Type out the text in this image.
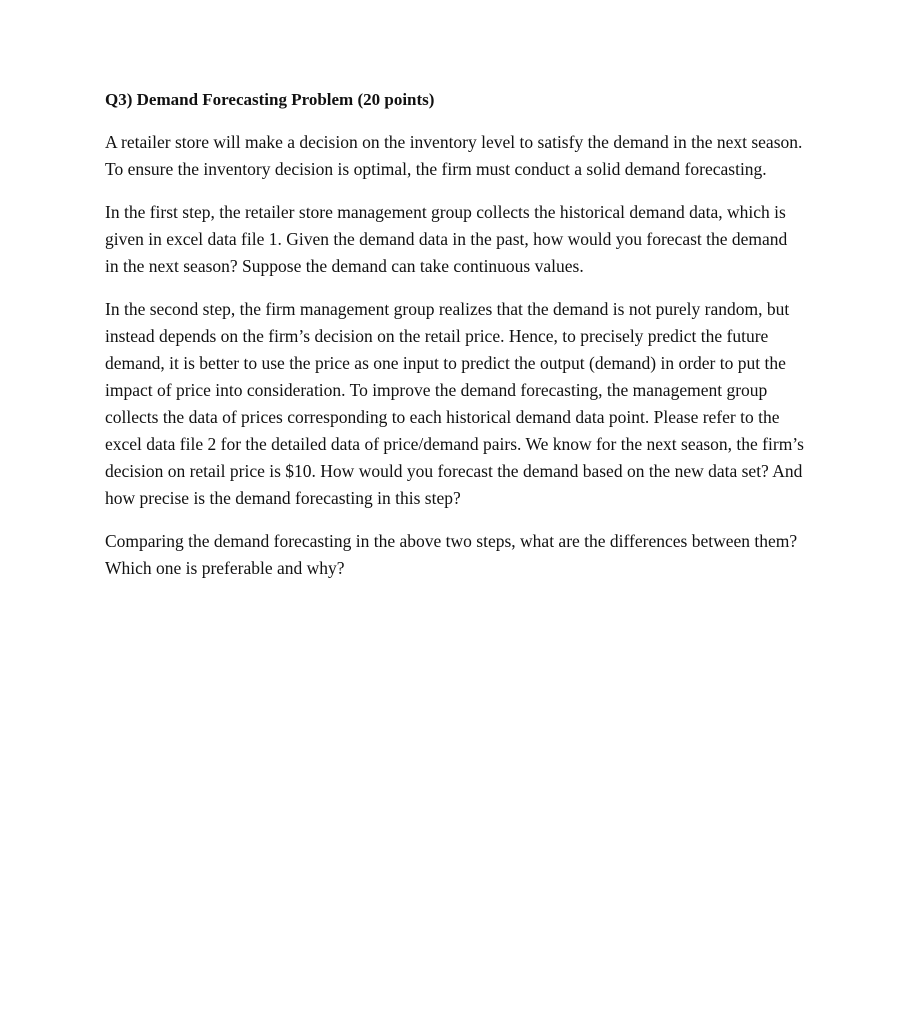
Q3) Demand Forecasting Problem (20 points)

A retailer store will make a decision on the inventory level to satisfy the demand in the next season. To ensure the inventory decision is optimal, the firm must conduct a solid demand forecasting.

In the first step, the retailer store management group collects the historical demand data, which is given in excel data file 1. Given the demand data in the past, how would you forecast the demand in the next season? Suppose the demand can take continuous values.

In the second step, the firm management group realizes that the demand is not purely random, but instead depends on the firm’s decision on the retail price. Hence, to precisely predict the future demand, it is better to use the price as one input to predict the output (demand) in order to put the impact of price into consideration. To improve the demand forecasting, the management group collects the data of prices corresponding to each historical demand data point. Please refer to the excel data file 2 for the detailed data of price/demand pairs. We know for the next season, the firm’s decision on retail price is $10. How would you forecast the demand based on the new data set? And how precise is the demand forecasting in this step?

Comparing the demand forecasting in the above two steps, what are the differences between them? Which one is preferable and why?
